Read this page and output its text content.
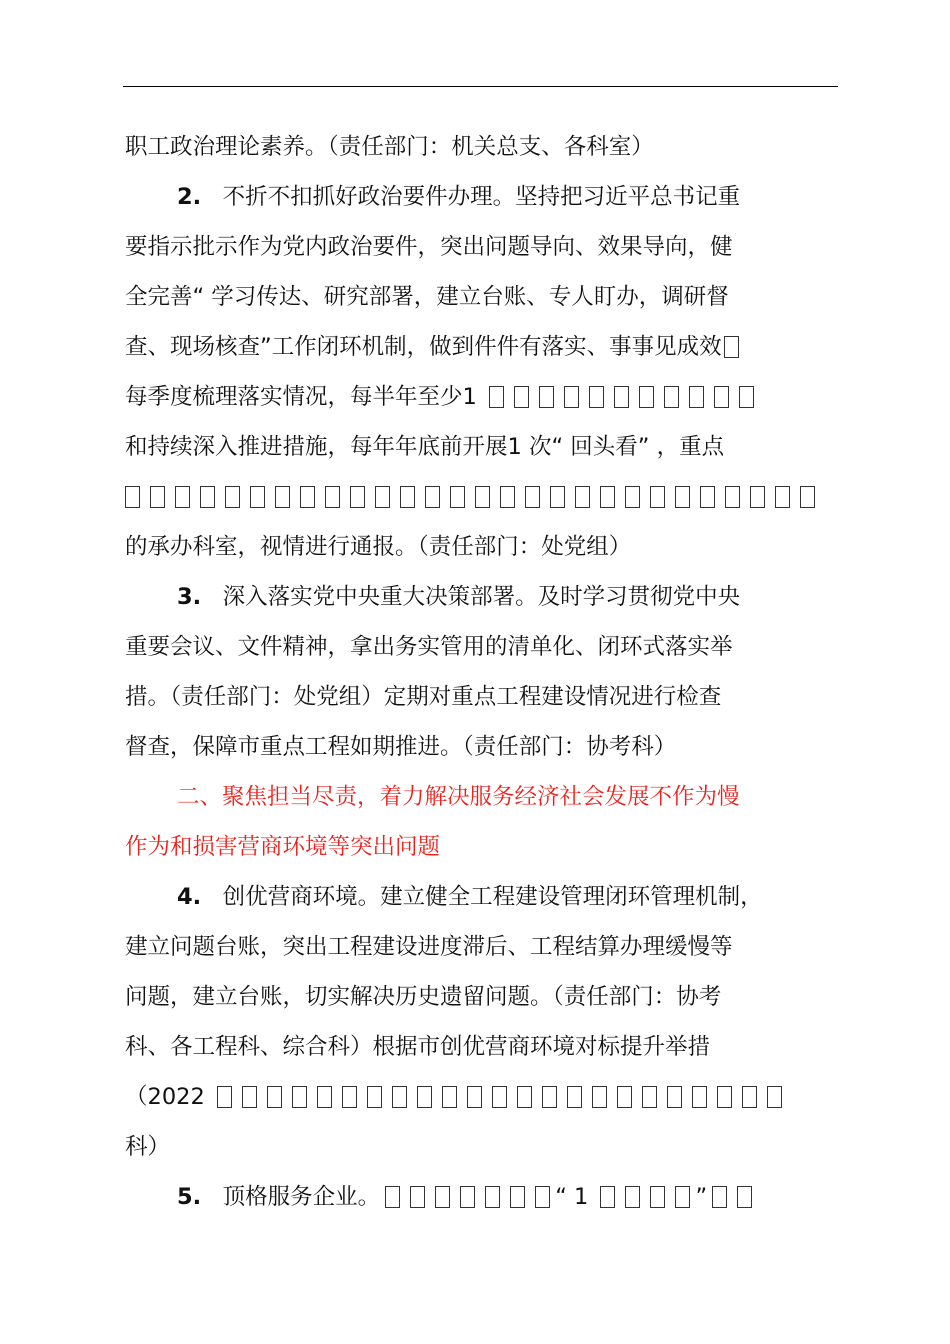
职工政治理论素养。（责任部门：机关总支、各科室）
2. 不折不扣抓好政治要件办理。坚持把习近平总书记重
要指示批示作为党内政治要件，突出问题导向、效果导向，健
全完善“ 学习传达、研究部署，建立台账、专人盯办，调研督
查、现场核查”工作闭环机制，做到件件有落实、事事见成效
每季度梳理落实情况，每半年至少1
和持续深入推进措施，每年年底前开展1 次“ 回头看” ，重点
的承办科室，视情进行通报。（责任部门：处党组）
3. 深入落实党中央重大决策部署。及时学习贯彻党中央
重要会议、文件精神，拿出务实管用的清单化、闭环式落实举
措。（责任部门：处党组）定期对重点工程建设情况进行检查
督查，保障市重点工程如期推进。（责任部门：协考科）
二、聚焦担当尽责，着力解决服务经济社会发展不作为慢
作为和损害营商环境等突出问题
4. 创优营商环境。建立健全工程建设管理闭环管理机制，
建立问题台账，突出工程建设进度滞后、工程结算办理缓慢等
问题，建立台账，切实解决历史遗留问题。（责任部门：协考
科、各工程科、综合科）根据市创优营商环境对标提升举措
（2022
科）
5. 顶格服务企业。	“ 1	”
